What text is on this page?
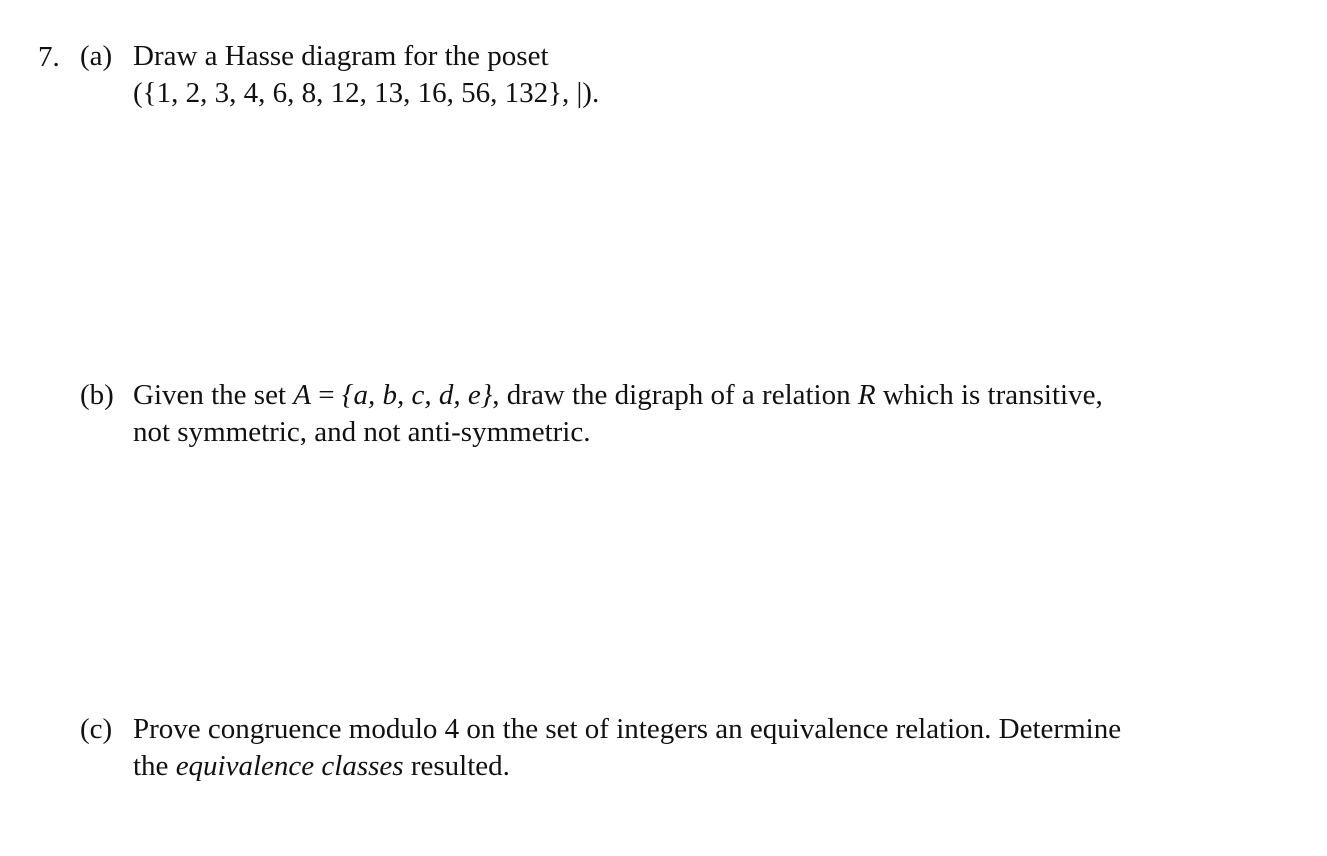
7. (a) Draw a Hasse diagram for the poset
({1, 2, 3, 4, 6, 8, 12, 13, 16, 56, 132}, |).
(b) Given the set A = {a, b, c, d, e}, draw the digraph of a relation R which is transitive,
not symmetric, and not anti-symmetric.
(c) Prove congruence modulo 4 on the set of integers an equivalence relation. Determine
the equivalence classes resulted.
